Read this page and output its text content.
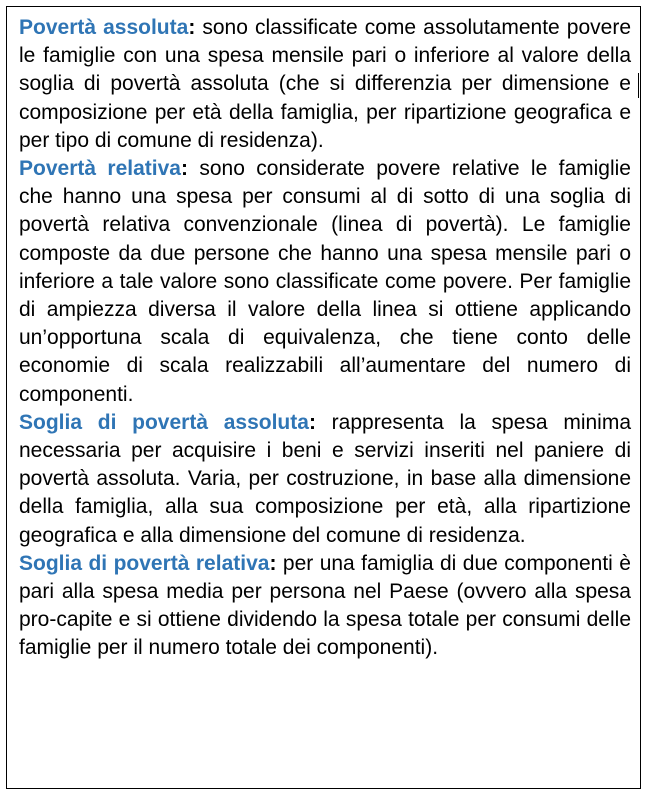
Povertà assoluta: sono classificate come assolutamente povere le famiglie con una spesa mensile pari o inferiore al valore della soglia di povertà assoluta (che si differenzia per dimensione e composizione per età della famiglia, per ripartizione geografica e per tipo di comune di residenza).

Povertà relativa: sono considerate povere relative le famiglie che hanno una spesa per consumi al di sotto di una soglia di povertà relativa convenzionale (linea di povertà). Le famiglie composte da due persone che hanno una spesa mensile pari o inferiore a tale valore sono classificate come povere. Per famiglie di ampiezza diversa il valore della linea si ottiene applicando un’opportuna scala di equivalenza, che tiene conto delle economie di scala realizzabili all’aumentare del numero di componenti.

Soglia di povertà assoluta: rappresenta la spesa minima necessaria per acquisire i beni e servizi inseriti nel paniere di povertà assoluta. Varia, per costruzione, in base alla dimensione della famiglia, alla sua composizione per età, alla ripartizione geografica e alla dimensione del comune di residenza.

Soglia di povertà relativa: per una famiglia di due componenti è pari alla spesa media per persona nel Paese (ovvero alla spesa pro-capite e si ottiene dividendo la spesa totale per consumi delle famiglie per il numero totale dei componenti).
